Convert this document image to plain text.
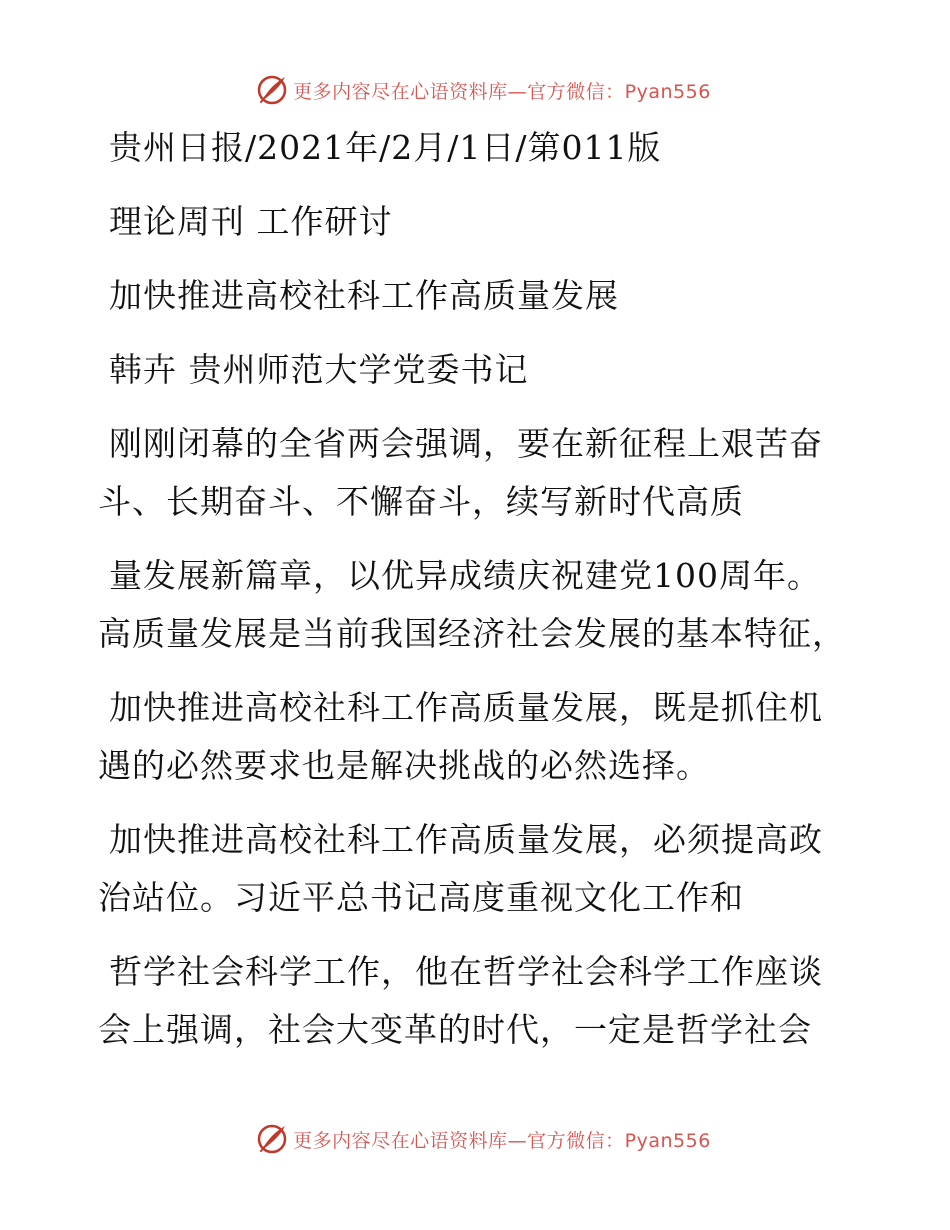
更多内容尽在心语资料库—官方微信：Pyan556
贵州日报/2021年/2月/1日/第011版
理论周刊 工作研讨
加快推进高校社科工作高质量发展
韩卉 贵州师范大学党委书记
刚刚闭幕的全省两会强调，要在新征程上艰苦奋
斗、长期奋斗、不懈奋斗，续写新时代高质
量发展新篇章，以优异成绩庆祝建党100周年。
高质量发展是当前我国经济社会发展的基本特征，
加快推进高校社科工作高质量发展，既是抓住机
遇的必然要求也是解决挑战的必然选择。
加快推进高校社科工作高质量发展，必须提高政
治站位。习近平总书记高度重视文化工作和
哲学社会科学工作，他在哲学社会科学工作座谈
会上强调，社会大变革的时代，一定是哲学社会
更多内容尽在心语资料库—官方微信：Pyan556
